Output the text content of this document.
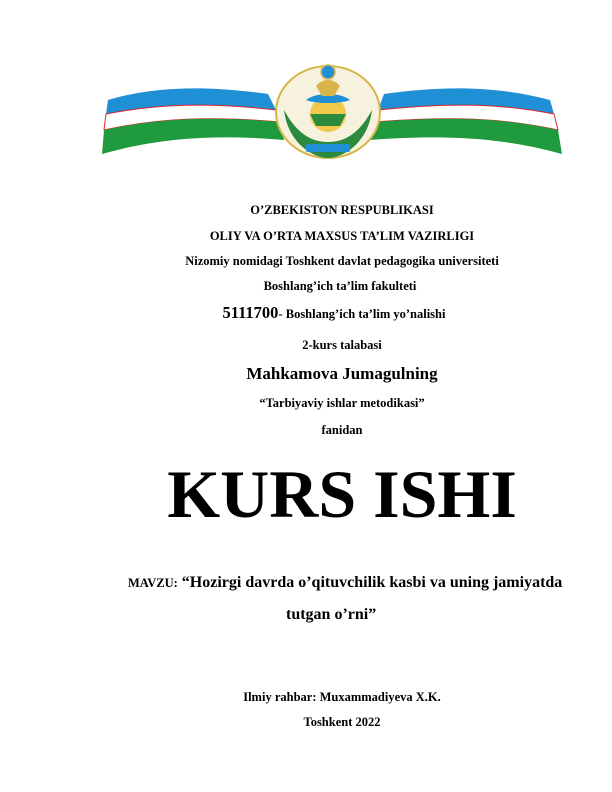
O’ZBEKISTON RESPUBLIKASI
OLIY VA O’RTA MAXSUS TA’LIM VAZIRLIGI
Nizomiy nomidagi Toshkent davlat pedagogika universiteti
Boshlang’ich ta’lim fakulteti
5111700- Boshlang’ich ta’lim yo’nalishi
2-kurs talabasi
Mahkamova Jumagulning
“Tarbiyaviy ishlar metodikasi”
fanidan
KURS ISHI
MAVZU: “Hozirgi davrda o’qituvchilik kasbi va uning jamiyatda
tutgan o’rni”
Ilmiy rahbar: Muxammadiyeva X.K.
Toshkent 2022
